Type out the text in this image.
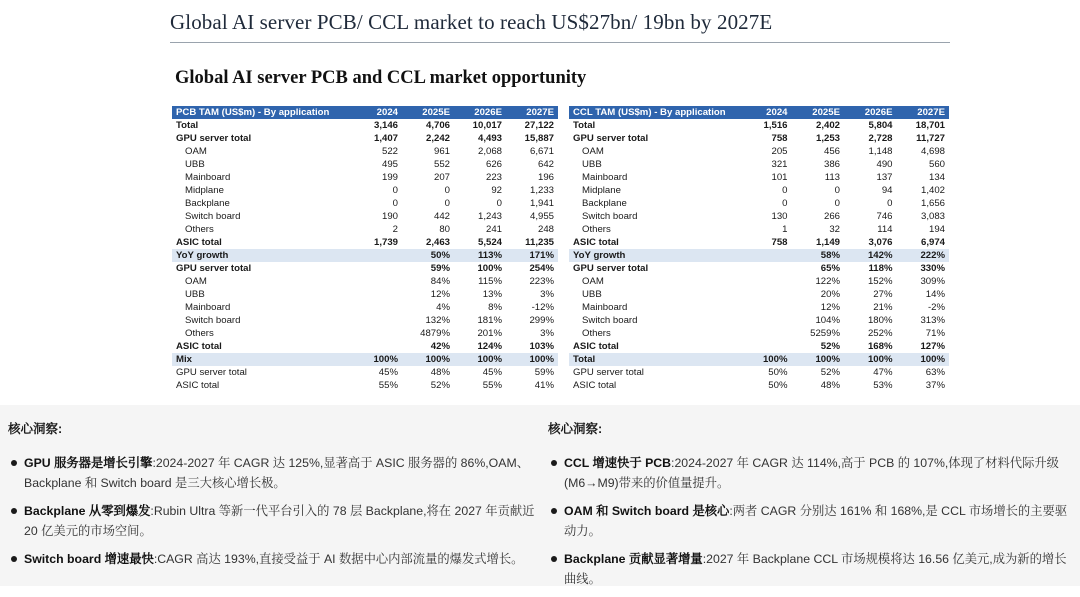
Global AI server PCB/ CCL market to reach US$27bn/ 19bn by 2027E
Global AI server PCB and CCL market opportunity
PCB TAM (US$m) - By application	2024	2025E	2026E	2027E
Total	3,146	4,706	10,017	27,122
GPU server total	1,407	2,242	4,493	15,887
OAM	522	961	2,068	6,671
UBB	495	552	626	642
Mainboard	199	207	223	196
Midplane	0	0	92	1,233
Backplane	0	0	0	1,941
Switch board	190	442	1,243	4,955
Others	2	80	241	248
ASIC total	1,739	2,463	5,524	11,235
YoY growth		50%	113%	171%
GPU server total		59%	100%	254%
OAM		84%	115%	223%
UBB		12%	13%	3%
Mainboard		4%	8%	-12%
Switch board		132%	181%	299%
Others		4879%	201%	3%
ASIC total		42%	124%	103%
Mix	100%	100%	100%	100%
GPU server total	45%	48%	45%	59%
ASIC total	55%	52%	55%	41%
CCL TAM (US$m) - By application	2024	2025E	2026E	2027E
Total	1,516	2,402	5,804	18,701
GPU server total	758	1,253	2,728	11,727
OAM	205	456	1,148	4,698
UBB	321	386	490	560
Mainboard	101	113	137	134
Midplane	0	0	94	1,402
Backplane	0	0	0	1,656
Switch board	130	266	746	3,083
Others	1	32	114	194
ASIC total	758	1,149	3,076	6,974
YoY growth		58%	142%	222%
GPU server total		65%	118%	330%
OAM		122%	152%	309%
UBB		20%	27%	14%
Mainboard		12%	21%	-2%
Switch board		104%	180%	313%
Others		5259%	252%	71%
ASIC total		52%	168%	127%
Total	100%	100%	100%	100%
GPU server total	50%	52%	47%	63%
ASIC total	50%	48%	53%	37%
核心洞察:
GPU 服务器是增长引擎:2024-2027 年 CAGR 达 125%,显著高于 ASIC 服务器的 86%,OAM、Backplane 和 Switch board 是三大核心增长极。
Backplane 从零到爆发:Rubin Ultra 等新一代平台引入的 78 层 Backplane,将在 2027 年贡献近 20 亿美元的市场空间。
Switch board 增速最快:CAGR 高达 193%,直接受益于 AI 数据中心内部流量的爆发式增长。
核心洞察:
CCL 增速快于 PCB:2024-2027 年 CAGR 达 114%,高于 PCB 的 107%,体现了材料代际升级(M6→M9)带来的价值量提升。
OAM 和 Switch board 是核心:两者 CAGR 分别达 161% 和 168%,是 CCL 市场增长的主要驱动力。
Backplane 贡献显著增量:2027 年 Backplane CCL 市场规模将达 16.56 亿美元,成为新的增长曲线。
